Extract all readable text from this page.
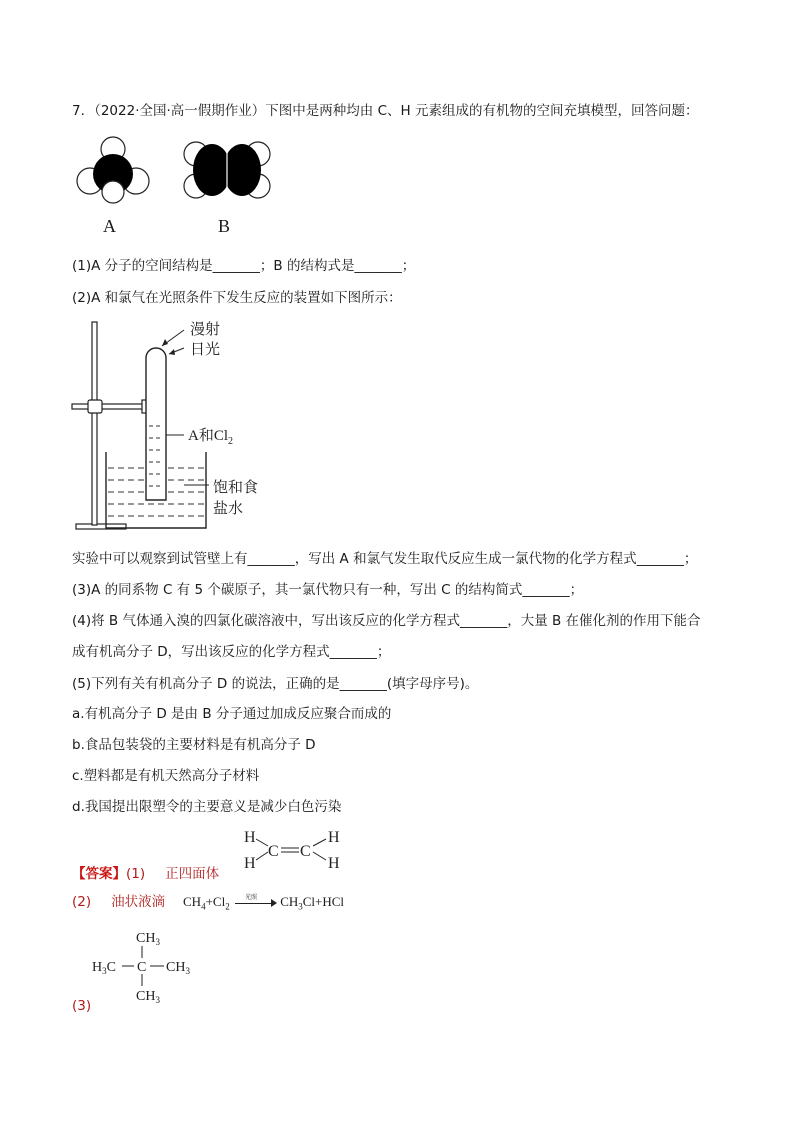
7．（2022·全国·高一假期作业）下图中是两种均由 C、H 元素组成的有机物的空间充填模型，回答问题：
A	B
(1)A 分子的空间结构是_______；B 的结构式是_______；
(2)A 和氯气在光照条件下发生反应的装置如下图所示：
漫射
日光
A和$Cl_2$
饱和食
盐水
实验中可以观察到试管壁上有_______，写出 A 和氯气发生取代反应生成一氯代物的化学方程式_______；
(3)A 的同系物 C 有 5 个碳原子，其一氯代物只有一种，写出 C 的结构简式_______；
(4)将 B 气体通入溴的四氯化碳溶液中，写出该反应的化学方程式_______，大量 B 在催化剂的作用下能合
成有机高分子 D，写出该反应的化学方程式_______；
(5)下列有关有机高分子 D 的说法，正确的是_______(填字母序号)。
a.有机高分子 D 是由 B 分子通过加成反应聚合而成的
b.食品包装袋的主要材料是有机高分子 D
c.塑料都是有机天然高分子材料
d.我国提出限塑令的主要意义是减少白色污染
H
H
C C
H
H
【答案】(1) 正四面体
(2) 油状液滴 $CH_4+Cl_2$
光照 $CH_3Cl+HCl$
$CH_3$
$H_3C$ C $CH_3$
$CH_3$
(3)
